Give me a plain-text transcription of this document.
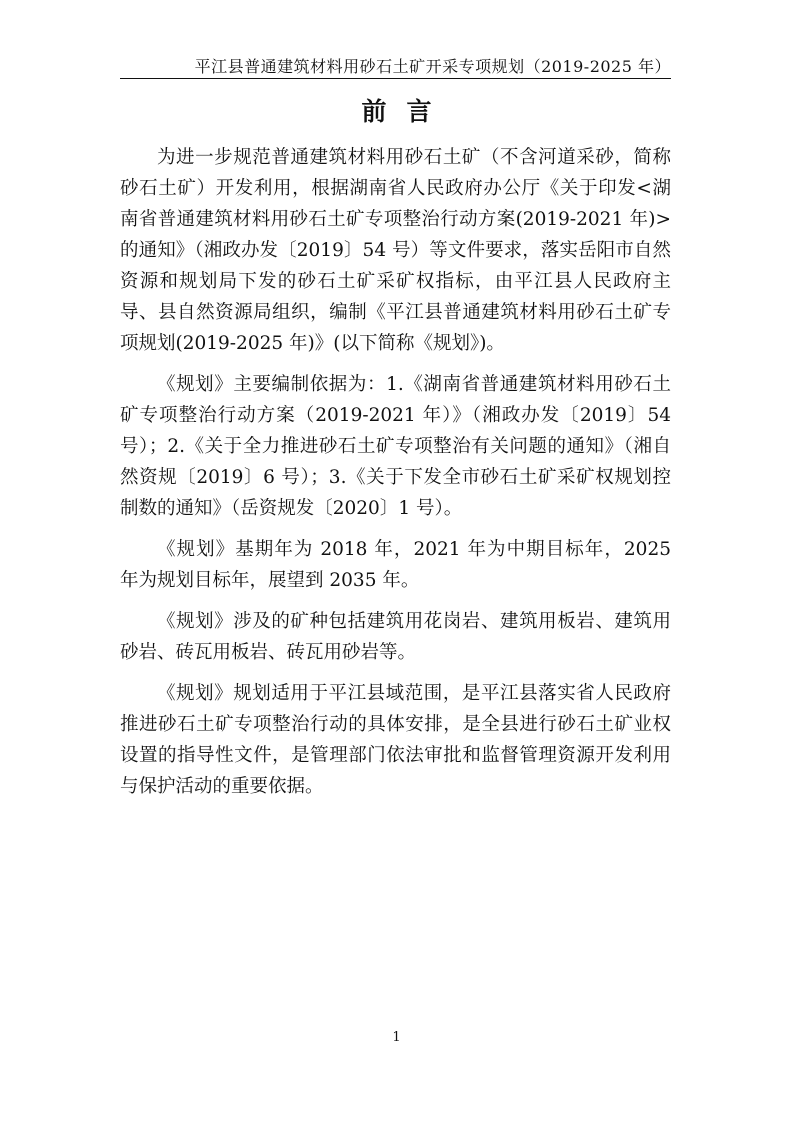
平江县普通建筑材料用砂石土矿开采专项规划（2019-2025 年）
前言

为进一步规范普通建筑材料用砂石土矿（不含河道采砂，简称砂石土矿）开发利用，根据湖南省人民政府办公厅《关于印发<湖南省普通建筑材料用砂石土矿专项整治行动方案(2019-2021 年)>的通知》（湘政办发〔2019〕54 号）等文件要求，落实岳阳市自然资源和规划局下发的砂石土矿采矿权指标，由平江县人民政府主导、县自然资源局组织，编制《平江县普通建筑材料用砂石土矿专项规划(2019-2025 年)》(以下简称《规划》)。

《规划》主要编制依据为：1.《湖南省普通建筑材料用砂石土矿专项整治行动方案（2019-2021 年）》（湘政办发〔2019〕54 号）；2.《关于全力推进砂石土矿专项整治有关问题的通知》（湘自然资规〔2019〕6 号）；3.《关于下发全市砂石土矿采矿权规划控制数的通知》（岳资规发〔2020〕1 号）。

《规划》基期年为 2018 年，2021 年为中期目标年，2025 年为规划目标年，展望到 2035 年。

《规划》涉及的矿种包括建筑用花岗岩、建筑用板岩、建筑用砂岩、砖瓦用板岩、砖瓦用砂岩等。

《规划》规划适用于平江县域范围，是平江县落实省人民政府推进砂石土矿专项整治行动的具体安排，是全县进行砂石土矿业权设置的指导性文件，是管理部门依法审批和监督管理资源开发利用与保护活动的重要依据。

1
